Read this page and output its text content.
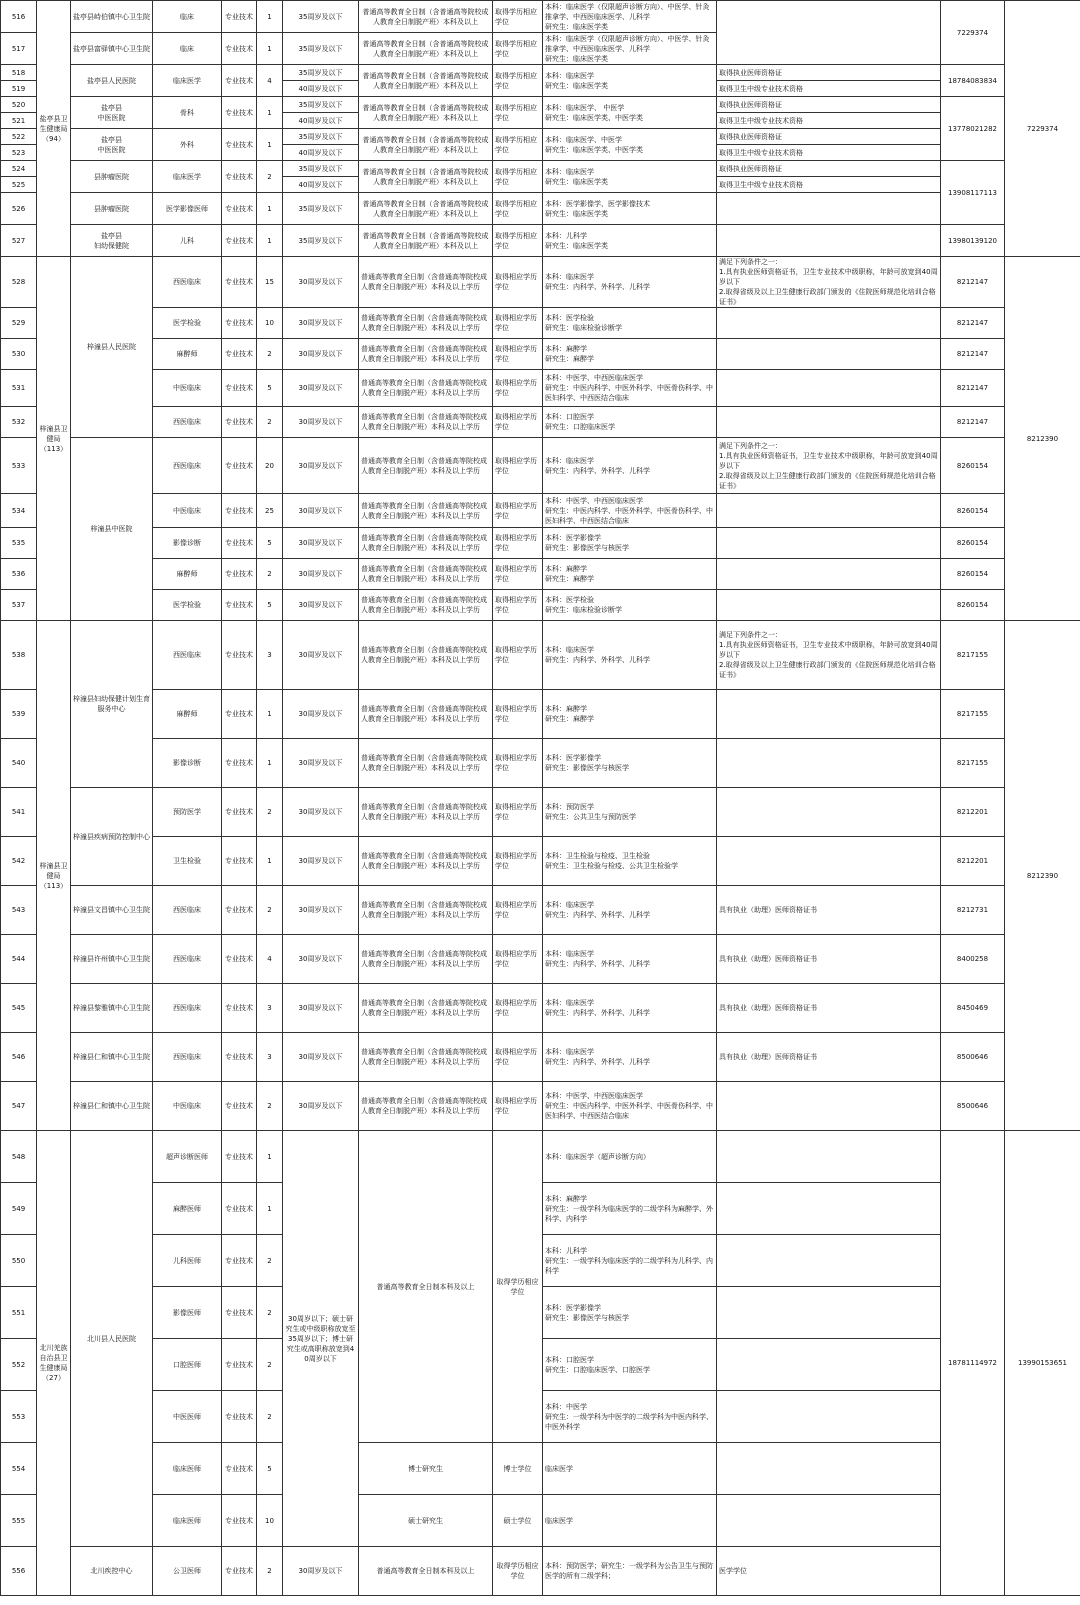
516	盐亭县卫生健康局
（94）	盐亭县峙伯镇中心卫生院	临床	专业技术	1	35周岁及以下	普通高等教育全日制（含普通高等院校成人教育全日制脱产班）本科及以上	取得学历相应学位	本科：临床医学（仅限超声诊断方向）、中医学、针灸推拿学、中西医临床医学、儿科学
研究生：临床医学类		7229374	7229374
517		盐亭县富驿镇中心卫生院	临床	专业技术	1	35周岁及以下	普通高等教育全日制（含普通高等院校成人教育全日制脱产班）本科及以上	取得学历相应学位	本科：临床医学（仅限超声诊断方向）、中医学、针灸推拿学、中西医临床医学、儿科学
研究生：临床医学类			
518		盐亭县人民医院	临床医学	专业技术	4	35周岁及以下	普通高等教育全日制（含普通高等院校成人教育全日制脱产班）本科及以上	取得学历相应学位	本科：临床医学
研究生：临床医学类	取得执业医师资格证	18784083834	
519						40周岁及以下				取得卫生中级专业技术资格		
520		盐亭县
中医医院	骨科	专业技术	1	35周岁及以下	普通高等教育全日制（含普通高等院校成人教育全日制脱产班）本科及以上	取得学历相应学位	本科：临床医学、 中医学
研究生：临床医学类、中医学类	取得执业医师资格证	13778021282	
521						40周岁及以下				取得卫生中级专业技术资格		
522		盐亭县
中医医院	外科	专业技术	1	35周岁及以下	普通高等教育全日制（含普通高等院校成人教育全日制脱产班）本科及以上	取得学历相应学位	本科：临床医学、中医学
研究生：临床医学类、中医学类	取得执业医师资格证		
523						40周岁及以下				取得卫生中级专业技术资格		
524		县肿瘤医院	临床医学	专业技术	2	35周岁及以下	普通高等教育全日制（含普通高等院校成人教育全日制脱产班）本科及以上	取得学历相应学位	本科：临床医学
研究生：临床医学类	取得执业医师资格证	13908117113	
525						40周岁及以下				取得卫生中级专业技术资格		
526		县肿瘤医院	医学影像医师	专业技术	1	35周岁及以下	普通高等教育全日制（含普通高等院校成人教育全日制脱产班）本科及以上	取得学历相应学位	本科：医学影像学、医学影像技术
研究生：临床医学类			
527		盐亭县
妇幼保健院	儿科	专业技术	1	35周岁及以下	普通高等教育全日制（含普通高等院校成人教育全日制脱产班）本科及以上	取得学历相应学位	本科：儿科学
研究生：临床医学类		13980139120	
528	梓潼县卫健局
（113）	梓潼县人民医院	西医临床	专业技术	15	30周岁及以下	普通高等教育全日制（含普通高等院校成人教育全日制脱产班）本科及以上学历	取得相应学历学位	本科：临床医学
研究生：内科学、外科学、儿科学	满足下列条件之一：
1.具有执业医师资格证书，卫生专业技术中级职称，年龄可放宽到40周岁以下
2.取得省级及以上卫生健康行政部门颁发的《住院医师规范化培训合格证书》	8212147	8212390
529			医学检验	专业技术	10	30周岁及以下	普通高等教育全日制（含普通高等院校成人教育全日制脱产班）本科及以上学历	取得相应学历学位	本科：医学检验
研究生：临床检验诊断学		8212147	
530			麻醉师	专业技术	2	30周岁及以下	普通高等教育全日制（含普通高等院校成人教育全日制脱产班）本科及以上学历	取得相应学历学位	本科：麻醉学
研究生：麻醉学		8212147	
531			中医临床	专业技术	5	30周岁及以下	普通高等教育全日制（含普通高等院校成人教育全日制脱产班）本科及以上学历	取得相应学历学位	本科：中医学、中西医临床医学
研究生：中医内科学、中医外科学、中医骨伤科学、中医妇科学、中西医结合临床		8212147	
532			西医临床	专业技术	2	30周岁及以下	普通高等教育全日制（含普通高等院校成人教育全日制脱产班）本科及以上学历	取得相应学历学位	本科：口腔医学
研究生：口腔临床医学		8212147	
533		梓潼县中医院	西医临床	专业技术	20	30周岁及以下	普通高等教育全日制（含普通高等院校成人教育全日制脱产班）本科及以上学历	取得相应学历学位	本科：临床医学
研究生：内科学、外科学、儿科学	满足下列条件之一：
1.具有执业医师资格证书，卫生专业技术中级职称，年龄可放宽到40周岁以下
2.取得省级及以上卫生健康行政部门颁发的《住院医师规范化培训合格证书》	8260154	
534			中医临床	专业技术	25	30周岁及以下	普通高等教育全日制（含普通高等院校成人教育全日制脱产班）本科及以上学历	取得相应学历学位	本科：中医学、中西医临床医学
研究生：中医内科学、中医外科学、中医骨伤科学、中医妇科学、中西医结合临床		8260154	
535			影像诊断	专业技术	5	30周岁及以下	普通高等教育全日制（含普通高等院校成人教育全日制脱产班）本科及以上学历	取得相应学历学位	本科：医学影像学
研究生：影像医学与核医学		8260154	
536			麻醉师	专业技术	2	30周岁及以下	普通高等教育全日制（含普通高等院校成人教育全日制脱产班）本科及以上学历	取得相应学历学位	本科：麻醉学
研究生：麻醉学		8260154	
537			医学检验	专业技术	5	30周岁及以下	普通高等教育全日制（含普通高等院校成人教育全日制脱产班）本科及以上学历	取得相应学历学位	本科：医学检验
研究生：临床检验诊断学		8260154	
538	梓潼县卫健局
（113）	梓潼县妇幼保健计划生育服务中心	西医临床	专业技术	3	30周岁及以下	普通高等教育全日制（含普通高等院校成人教育全日制脱产班）本科及以上学历	取得相应学历学位	本科：临床医学
研究生：内科学、外科学、儿科学	满足下列条件之一：
1.具有执业医师资格证书，卫生专业技术中级职称，年龄可放宽到40周岁以下
2.取得省级及以上卫生健康行政部门颁发的《住院医师规范化培训合格证书》	8217155	8212390
539			麻醉师	专业技术	1	30周岁及以下	普通高等教育全日制（含普通高等院校成人教育全日制脱产班）本科及以上学历	取得相应学历学位	本科：麻醉学
研究生：麻醉学		8217155	
540			影像诊断	专业技术	1	30周岁及以下	普通高等教育全日制（含普通高等院校成人教育全日制脱产班）本科及以上学历	取得相应学历学位	本科：医学影像学
研究生：影像医学与核医学		8217155	
541		梓潼县疾病预防控制中心	预防医学	专业技术	2	30周岁及以下	普通高等教育全日制（含普通高等院校成人教育全日制脱产班）本科及以上学历	取得相应学历学位	本科：预防医学
研究生：公共卫生与预防医学		8212201	
542			卫生检验	专业技术	1	30周岁及以下	普通高等教育全日制（含普通高等院校成人教育全日制脱产班）本科及以上学历	取得相应学历学位	本科：卫生检验与检疫、卫生检验
研究生：卫生检验与检疫、公共卫生检验学		8212201	
543		梓潼县文昌镇中心卫生院	西医临床	专业技术	2	30周岁及以下	普通高等教育全日制（含普通高等院校成人教育全日制脱产班）本科及以上学历	取得相应学历学位	本科：临床医学
研究生：内科学、外科学、儿科学	具有执业（助理）医师资格证书	8212731	
544		梓潼县许州镇中心卫生院	西医临床	专业技术	4	30周岁及以下	普通高等教育全日制（含普通高等院校成人教育全日制脱产班）本科及以上学历	取得相应学历学位	本科：临床医学
研究生：内科学、外科学、儿科学	具有执业（助理）医师资格证书	8400258	
545		梓潼县黎雅镇中心卫生院	西医临床	专业技术	3	30周岁及以下	普通高等教育全日制（含普通高等院校成人教育全日制脱产班）本科及以上学历	取得相应学历学位	本科：临床医学
研究生：内科学、外科学、儿科学	具有执业（助理）医师资格证书	8450469	
546		梓潼县仁和镇中心卫生院	西医临床	专业技术	3	30周岁及以下	普通高等教育全日制（含普通高等院校成人教育全日制脱产班）本科及以上学历	取得相应学历学位	本科：临床医学
研究生：内科学、外科学、儿科学	具有执业（助理）医师资格证书	8500646	
547		梓潼县仁和镇中心卫生院	中医临床	专业技术	2	30周岁及以下	普通高等教育全日制（含普通高等院校成人教育全日制脱产班）本科及以上学历	取得相应学历学位	本科：中医学、中西医临床医学
研究生：中医内科学、中医外科学、中医骨伤科学、中医妇科学、中西医结合临床		8500646	
548	北川羌族自治县卫生健康局
（27）	北川县人民医院	超声诊断医师	专业技术	1	30周岁以下；硕士研究生或中级职称放宽至35周岁以下；博士研究生或高职称放宽到40周岁以下	普通高等教育全日制本科及以上	取得学历相应学位	本科：临床医学（超声诊断方向）		18781114972	13990153651
549			麻醉医师	专业技术	1				本科：麻醉学
研究生：一级学科为临床医学的二级学科为麻醉学、外科学、内科学			
550			儿科医师	专业技术	2				本科：儿科学
研究生：一级学科为临床医学的二级学科为儿科学、内科学			
551			影像医师	专业技术	2				本科：医学影像学
研究生：影像医学与核医学			
552			口腔医师	专业技术	2				本科：口腔医学
研究生：口腔临床医学、口腔医学			
553			中医医师	专业技术	2				本科：中医学
研究生：一级学科为中医学的二级学科为中医内科学、中医外科学			
554			临床医师	专业技术	5		博士研究生	博士学位	临床医学			
555			临床医师	专业技术	10		硕士研究生	硕士学位	临床医学			
556		北川疾控中心	公卫医师	专业技术	2	30周岁及以下	普通高等教育全日制本科及以上	取得学历相应学位	本科：预防医学；研究生：一级学科为公告卫生与预防医学的所有二级学科；	医学学位		
